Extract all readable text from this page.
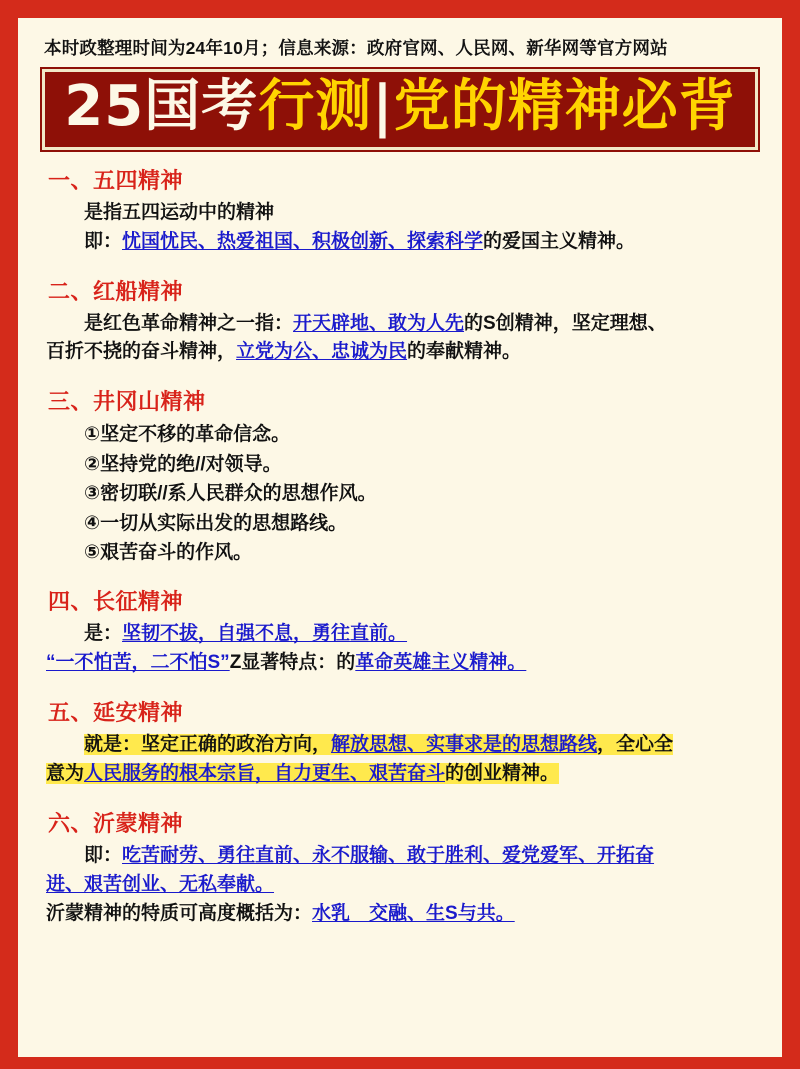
本时政整理时间为24年10月；信息来源：政府官网、人民网、新华网等官方网站
25国考行测|党的精神必背
一、五四精神
是指五四运动中的精神
即：忧国忧民、热爱祖国、积极创新、探索科学的爱国主义精神。
二、红船精神
是红色革命精神之一指：开天辟地、敢为人先的S创精神，坚定理想、
百折不挠的奋斗精神，立党为公、忠诚为民的奉献精神。
三、井冈山精神
①坚定不移的革命信念。
②坚持党的绝//对领导。
③密切联//系人民群众的思想作风。
④一切从实际出发的思想路线。
⑤艰苦奋斗的作风。
四、长征精神
是：坚韧不拔，自强不息，勇往直前。
“一不怕苦，二不怕S”Z显著特点：的革命英雄主义精神。
五、延安精神
就是：坚定正确的政治方向，解放思想、实事求是的思想路线，全心全
意为人民服务的根本宗旨，自力更生、艰苦奋斗的创业精神。
六、沂蒙精神
即：吃苦耐劳、勇往直前、永不服输、敢于胜利、爱党爱军、开拓奋
进、艰苦创业、无私奉献。
沂蒙精神的特质可高度概括为：水乳　交融、生S与共。
